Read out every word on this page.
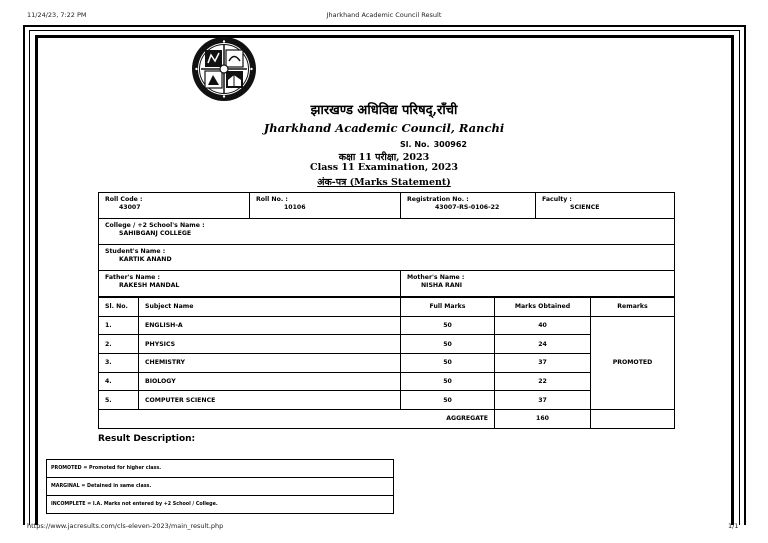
11/24/23, 7:22 PM	Jharkhand Academic Council Result
झारखण्ड अधिविद्य परिषद्,राँची
Jharkhand Academic Council, Ranchi
Sl. No. 300962
कक्षा 11 परीक्षा, 2023
Class 11 Examination, 2023
अंक-पत्र (Marks Statement)
Roll Code :
43007	Roll No. :
10106	Registration No. :
43007-RS-0106-22	Faculty :
SCIENCE

College / +2 School's Name :
SAHIBGANJ COLLEGE			

Student's Name :
KARTIK ANAND			

Father's Name :
RAKESH MANDAL		Mother's Name :
NISHA RANI	
Sl. No.	Subject Name	Full Marks	Marks Obtained	Remarks
1.	ENGLISH-A	50	40	PROMOTED
2.	PHYSICS	50	24	
3.	CHEMISTRY	50	37	
4.	BIOLOGY	50	22	
5.	COMPUTER SCIENCE	50	37	
AGGREGATE			160	
Result Description:
PROMOTED = Promoted for higher class.
MARGINAL = Detained in same class.
INCOMPLETE = I.A. Marks not entered by +2 School / College.
https://www.jacresults.com/cls-eleven-2023/main_result.php	1/1
